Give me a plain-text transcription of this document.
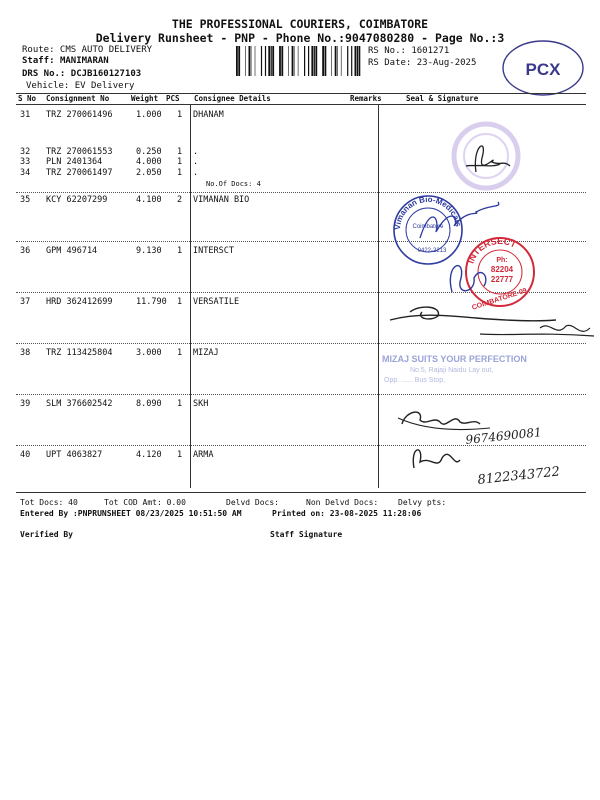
THE PROFESSIONAL COURIERS, COIMBATORE
Delivery Runsheet - PNP - Phone No.:9047080280 - Page No.:3
Route: CMS AUTO DELIVERY
Staff: MANIMARAN
DRS No.: DCJB160127103
Vehicle: EV Delivery
RS No.: 1601271
RS Date: 23-Aug-2025	PCX
S No Consignment No	Weight PCS Consignee Details	Remarks	Seal & Signature
31 TRZ 270061496	1.000 1 DHANAM
32 TRZ 270061553	0.250 1 .
33 PLN 2401364	4.000 1 .
34 TRZ 270061497	2.050 1 .
35 KCY 62207299	4.100 2 VIMANAN BIO
36 GPM 496714	9.130 1 INTERSCT
37 HRD 362412699	11.790 1 VERSATILE
38 TRZ 113425804	3.000 1 MIZAJ
39 SLM 376602542	8.090 1 SKH
40 UPT 4063827	4.120 1 ARMA
No.Of Docs: 4
Vimanan Bio-Medicals
Coimbatore
0422-2213
INTERSECT
Ph:
82204
22777
COIMBATORE-09
MIZAJ SUITS YOUR PERFECTION
No.5, Rajaji Naidu Lay out,
Opp. ...... Bus Stop,
9674690081
8122343722
Tot Docs: 40	Tot COD Amt: 0.00	Delvd Docs:	Non Delvd Docs: Delvy pts:
Entered By :PNPRUNSHEET 08/23/2025 10:51:50 AM	Printed on: 23-08-2025 11:28:06
Verified By	Staff Signature
